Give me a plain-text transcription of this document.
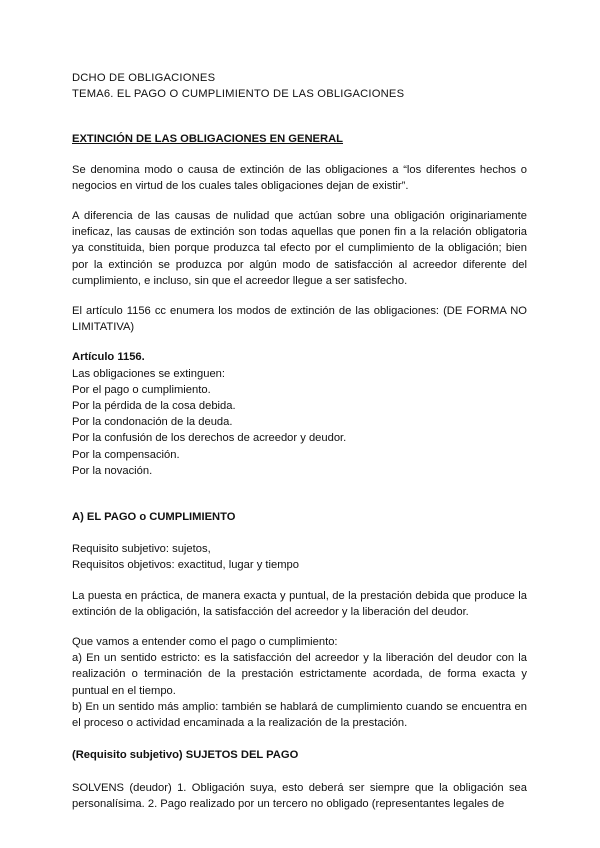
DCHO DE OBLIGACIONES

TEMA6. EL PAGO O CUMPLIMIENTO DE LAS OBLIGACIONES

EXTINCIÓN DE LAS OBLIGACIONES EN GENERAL

Se denomina modo o causa de extinción de las obligaciones a “los diferentes hechos o negocios en virtud de los cuales tales obligaciones dejan de existir”.

A diferencia de las causas de nulidad que actúan sobre una obligación originariamente ineficaz, las causas de extinción son todas aquellas que ponen fin a la relación obligatoria ya constituida, bien porque produzca tal efecto por el cumplimiento de la obligación; bien por la extinción se produzca por algún modo de satisfacción al acreedor diferente del cumplimiento, e incluso, sin que el acreedor llegue a ser satisfecho.

El artículo 1156 cc enumera los modos de extinción de las obligaciones: (DE FORMA NO LIMITATIVA)

Artículo 1156.

Las obligaciones se extinguen:
Por el pago o cumplimiento.
Por la pérdida de la cosa debida.
Por la condonación de la deuda.
Por la confusión de los derechos de acreedor y deudor.
Por la compensación.
Por la novación.

A) EL PAGO o CUMPLIMIENTO

Requisito subjetivo: sujetos,

Requisitos objetivos: exactitud, lugar y tiempo

La puesta en práctica, de manera exacta y puntual, de la prestación debida que produce la extinción de la obligación, la satisfacción del acreedor y la liberación del deudor.

Que vamos a entender como el pago o cumplimiento:

a) En un sentido estricto: es la satisfacción del acreedor y la liberación del deudor con la realización o terminación de la prestación estrictamente acordada, de forma exacta y puntual en el tiempo.

b) En un sentido más amplio: también se hablará de cumplimiento cuando se encuentra en el proceso o actividad encaminada a la realización de la prestación.

(Requisito subjetivo) SUJETOS DEL PAGO

SOLVENS (deudor) 1. Obligación suya, esto deberá ser siempre que la obligación sea personalísima. 2. Pago realizado por un tercero no obligado (representantes legales de
